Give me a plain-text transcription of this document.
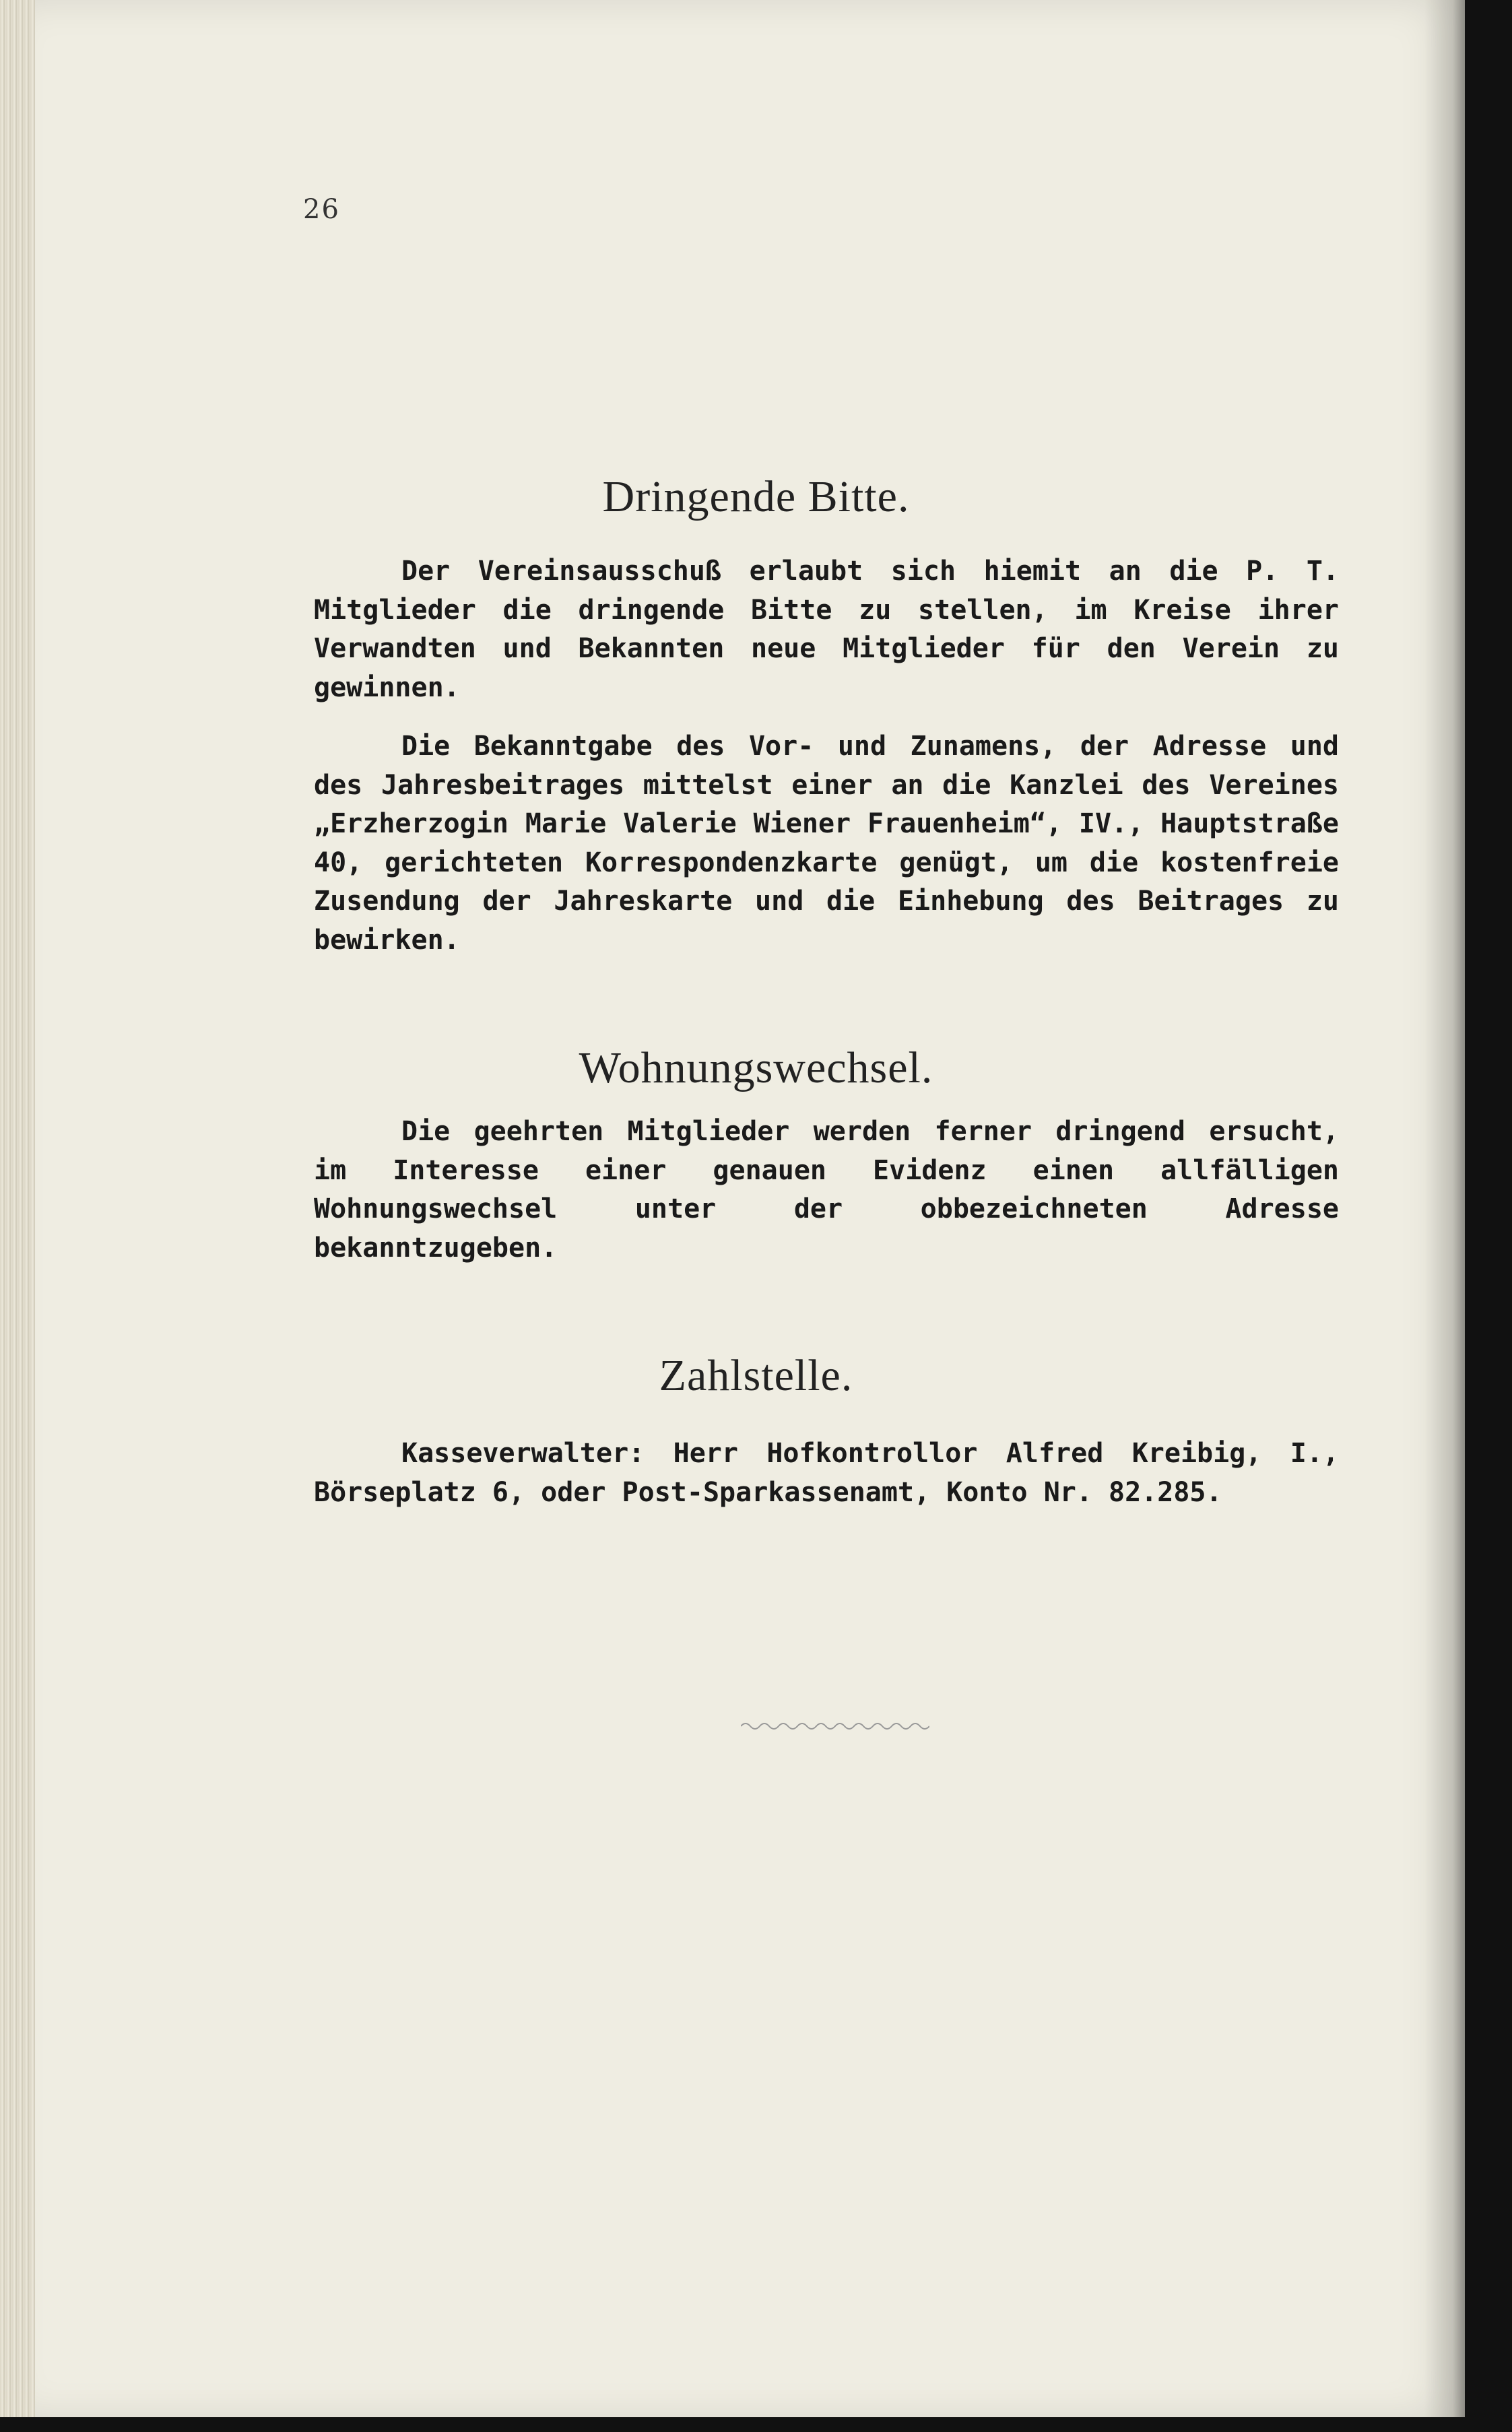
26
Dringende Bitte.

Der Vereinsausschuß erlaubt sich hiemit an die P. T. Mitglieder die dringende Bitte zu stellen, im Kreise ihrer Verwandten und Bekannten neue Mitglieder für den Verein zu gewinnen.

Die Bekanntgabe des Vor- und Zunamens, der Adresse und des Jahresbeitrages mittelst einer an die Kanzlei des Vereines „Erzherzogin Marie Valerie Wiener Frauenheim“, IV., Hauptstraße 40, gerichteten Korrespondenzkarte genügt, um die kostenfreie Zusendung der Jahreskarte und die Einhebung des Beitrages zu bewirken.

Wohnungswechsel.

Die geehrten Mitglieder werden ferner dringend ersucht, im Interesse einer genauen Evidenz einen allfälligen Wohnungswechsel unter der obbezeichneten Adresse bekanntzugeben.

Zahlstelle.

Kasseverwalter: Herr Hofkontrollor Alfred Kreibig, I., Börseplatz 6, oder Post-Sparkassenamt, Konto Nr. 82.285.
